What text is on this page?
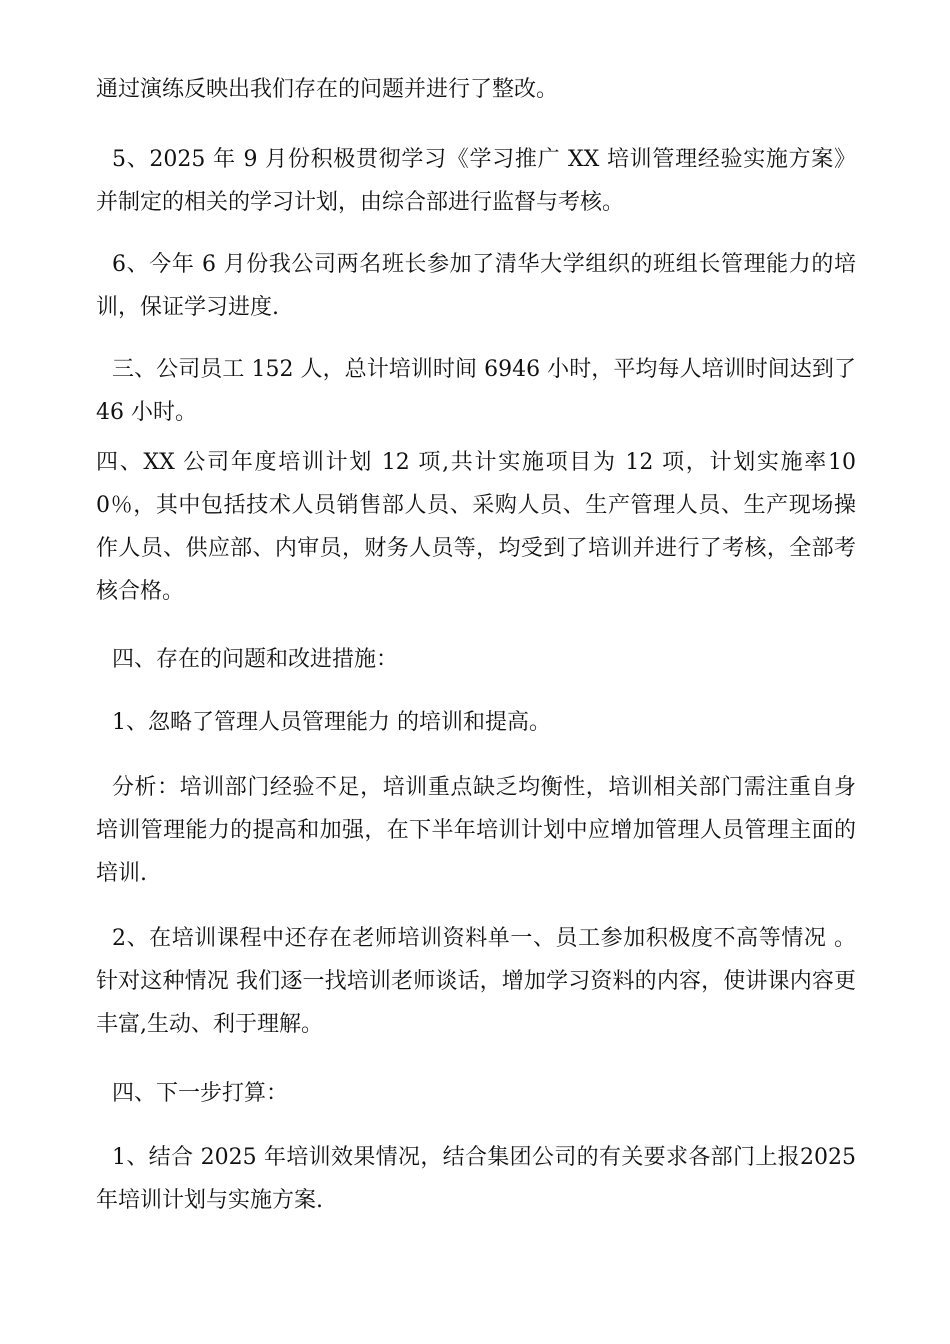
通过演练反映出我们存在的问题并进行了整改。

5、2025 年 9 月份积极贯彻学习《学习推广 XX 培训管理经验实施方案》并制定的相关的学习计划，由综合部进行监督与考核。

6、今年 6 月份我公司两名班长参加了清华大学组织的班组长管理能力的培训，保证学习进度.

三、公司员工 152 人，总计培训时间 6946 小时，平均每人培训时间达到了 46 小时。

四、XX 公司年度培训计划 12 项,共计实施项目为 12 项，计划实施率100％，其中包括技术人员销售部人员、采购人员、生产管理人员、生产现场操作人员、供应部、内审员，财务人员等，均受到了培训并进行了考核，全部考核合格。

四、存在的问题和改进措施：

1、忽略了管理人员管理能力 的培训和提高。

分析：培训部门经验不足，培训重点缺乏均衡性，培训相关部门需注重自身培训管理能力的提高和加强，在下半年培训计划中应增加管理人员管理主面的培训.

2、在培训课程中还存在老师培训资料单一、员工参加积极度不高等情况 。针对这种情况 我们逐一找培训老师谈话，增加学习资料的内容，使讲课内容更丰富,生动、利于理解。

四、下一步打算：

1、结合 2025 年培训效果情况，结合集团公司的有关要求各部门上报2025 年培训计划与实施方案.
